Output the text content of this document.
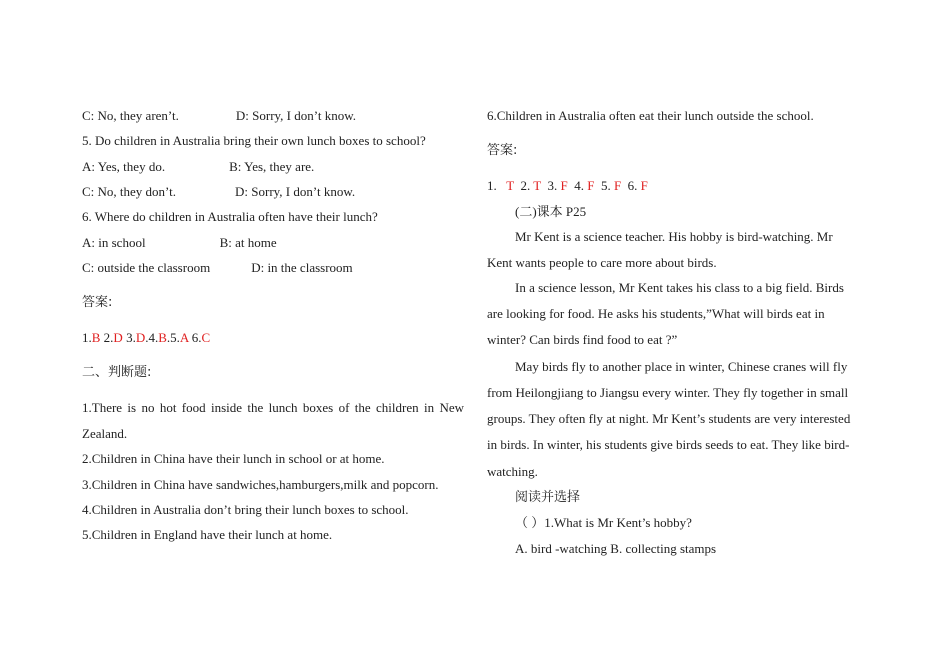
C: No, they aren’t.	D: Sorry, I don’t know.
5. Do children in Australia bring their own lunch boxes to school?
A: Yes, they do.	B: Yes, they are.
C: No, they don’t.	D: Sorry, I don’t know.
6. Where do children in Australia often have their lunch?
A: in school	B: at home
C: outside the classroom	D: in the classroom
答案:
1.B 2.D 3.D.4.B.5.A 6.C
二、判断题:
1.There is no hot food inside the lunch boxes of the children in New
Zealand.
2.Children in China have their lunch in school or at home.
3.Children in China have sandwiches,hamburgers,milk and popcorn.
4.Children in Australia don’t bring their lunch boxes to school.
5.Children in England have their lunch at home.
6.Children in Australia often eat their lunch outside the school.
答案:
1.   T  2. T  3. F  4. F  5. F  6. F
(二)课本 P25
Mr Kent is a science teacher. His hobby is bird-watching. Mr
Kent wants people to care more about birds.
In a science lesson, Mr Kent takes his class to a big field. Birds
are looking for food. He asks his students,”What will birds eat in
winter? Can birds find food to eat ?”
May birds fly to another place in winter, Chinese cranes will fly
from Heilongjiang to Jiangsu every winter. They fly together in small
groups. They often fly at night. Mr Kent’s students are very interested
in birds. In winter, his students give birds seeds to eat. They like bird-
watching.
阅读并选择
（ ）1.What is Mr Kent’s hobby?
A. bird -watching B. collecting stamps
